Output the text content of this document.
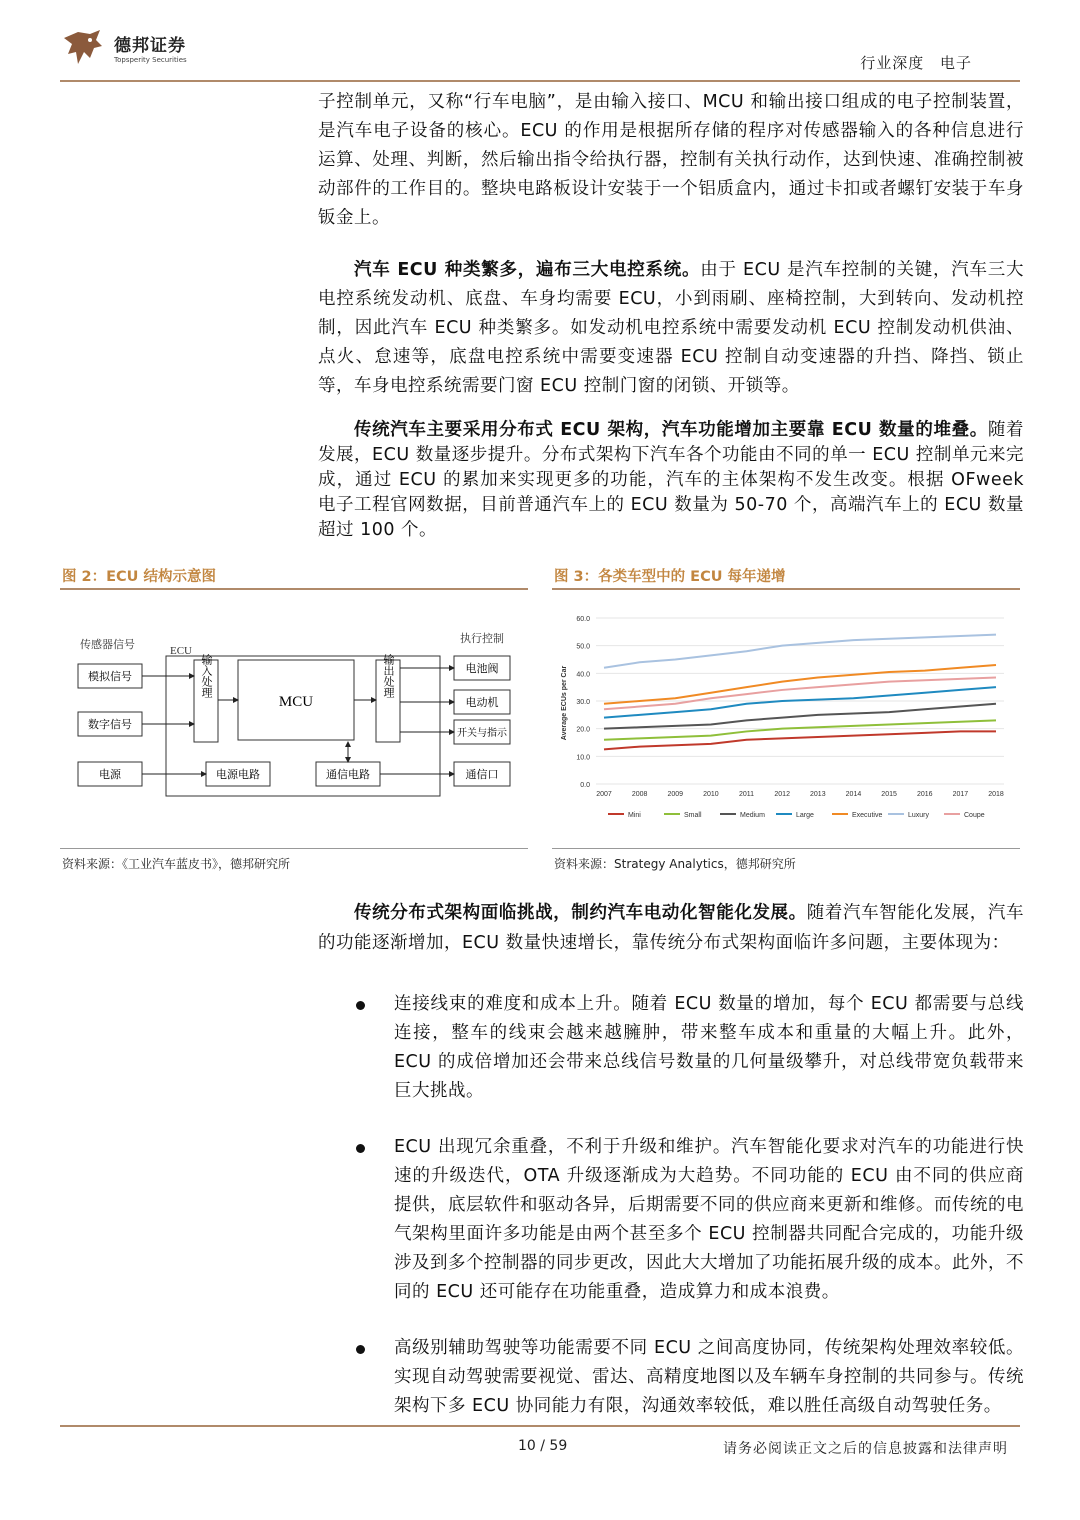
德邦证券
Topsperity Securities	行业深度 电子

子控制单元，又称“行车电脑”，是由输入接口、MCU 和输出接口组成的电子控制装置，是汽车电子设备的核心。ECU 的作用是根据所存储的程序对传感器输入的各种信息进行运算、处理、判断，然后输出指令给执行器，控制有关执行动作，达到快速、准确控制被动部件的工作目的。整块电路板设计安装于一个铝质盒内，通过卡扣或者螺钉安装于车身钣金上。

汽车 ECU 种类繁多，遍布三大电控系统。由于 ECU 是汽车控制的关键，汽车三大电控系统发动机、底盘、车身均需要 ECU，小到雨刷、座椅控制，大到转向、发动机控制，因此汽车 ECU 种类繁多。如发动机电控系统中需要发动机 ECU 控制发动机供油、点火、怠速等，底盘电控系统中需要变速器 ECU 控制自动变速器的升挡、降挡、锁止等，车身电控系统需要门窗 ECU 控制门窗的闭锁、开锁等。

传统汽车主要采用分布式 ECU 架构，汽车功能增加主要靠 ECU 数量的堆叠。随着发展，ECU 数量逐步提升。分布式架构下汽车各个功能由不同的单一 ECU 控制单元来完成，通过 ECU 的累加来实现更多的功能，汽车的主体架构不发生改变。根据 OFweek 电子工程官网数据，目前普通汽车上的 ECU 数量为 50-70 个，高端汽车上的 ECU 数量超过 100 个。

图 2：ECU 结构示意图	图 3：各类车型中的 ECU 每年递增
传感器信号	ECU
执行控制
模拟信号
数字信号
电源
输入处理
MCU
输出处理
电源电路	通信电路
电池阀
电动机
开关与指示
通信口
0.0
10.0
20.0
30.0
40.0
50.0
60.0
2007	2008	2009	2010	2011	2012	2013	2014	2015	2016	2017	2018
Mini	Small	Medium	Large	Executive	Luxury	Coupe
Average ECUs per Car
资料来源：《工业汽车蓝皮书》，德邦研究所	资料来源：Strategy Analytics，德邦研究所

传统分布式架构面临挑战，制约汽车电动化智能化发展。随着汽车智能化发展，汽车的功能逐渐增加，ECU 数量快速增长，靠传统分布式架构面临许多问题，主要体现为：

连接线束的难度和成本上升。随着 ECU 数量的增加，每个 ECU 都需要与总线连接，整车的线束会越来越臃肿，带来整车成本和重量的大幅上升。此外，ECU 的成倍增加还会带来总线信号数量的几何量级攀升，对总线带宽负载带来巨大挑战。
ECU 出现冗余重叠，不利于升级和维护。汽车智能化要求对汽车的功能进行快速的升级迭代，OTA 升级逐渐成为大趋势。不同功能的 ECU 由不同的供应商提供，底层软件和驱动各异，后期需要不同的供应商来更新和维修。而传统的电气架构里面许多功能是由两个甚至多个 ECU 控制器共同配合完成的，功能升级涉及到多个控制器的同步更改，因此大大增加了功能拓展升级的成本。此外，不同的 ECU 还可能存在功能重叠，造成算力和成本浪费。
高级别辅助驾驶等功能需要不同 ECU 之间高度协同，传统架构处理效率较低。实现自动驾驶需要视觉、雷达、高精度地图以及车辆车身控制的共同参与。传统架构下多 ECU 协同能力有限，沟通效率较低，难以胜任高级自动驾驶任务。
10 / 59	请务必阅读正文之后的信息披露和法律声明
